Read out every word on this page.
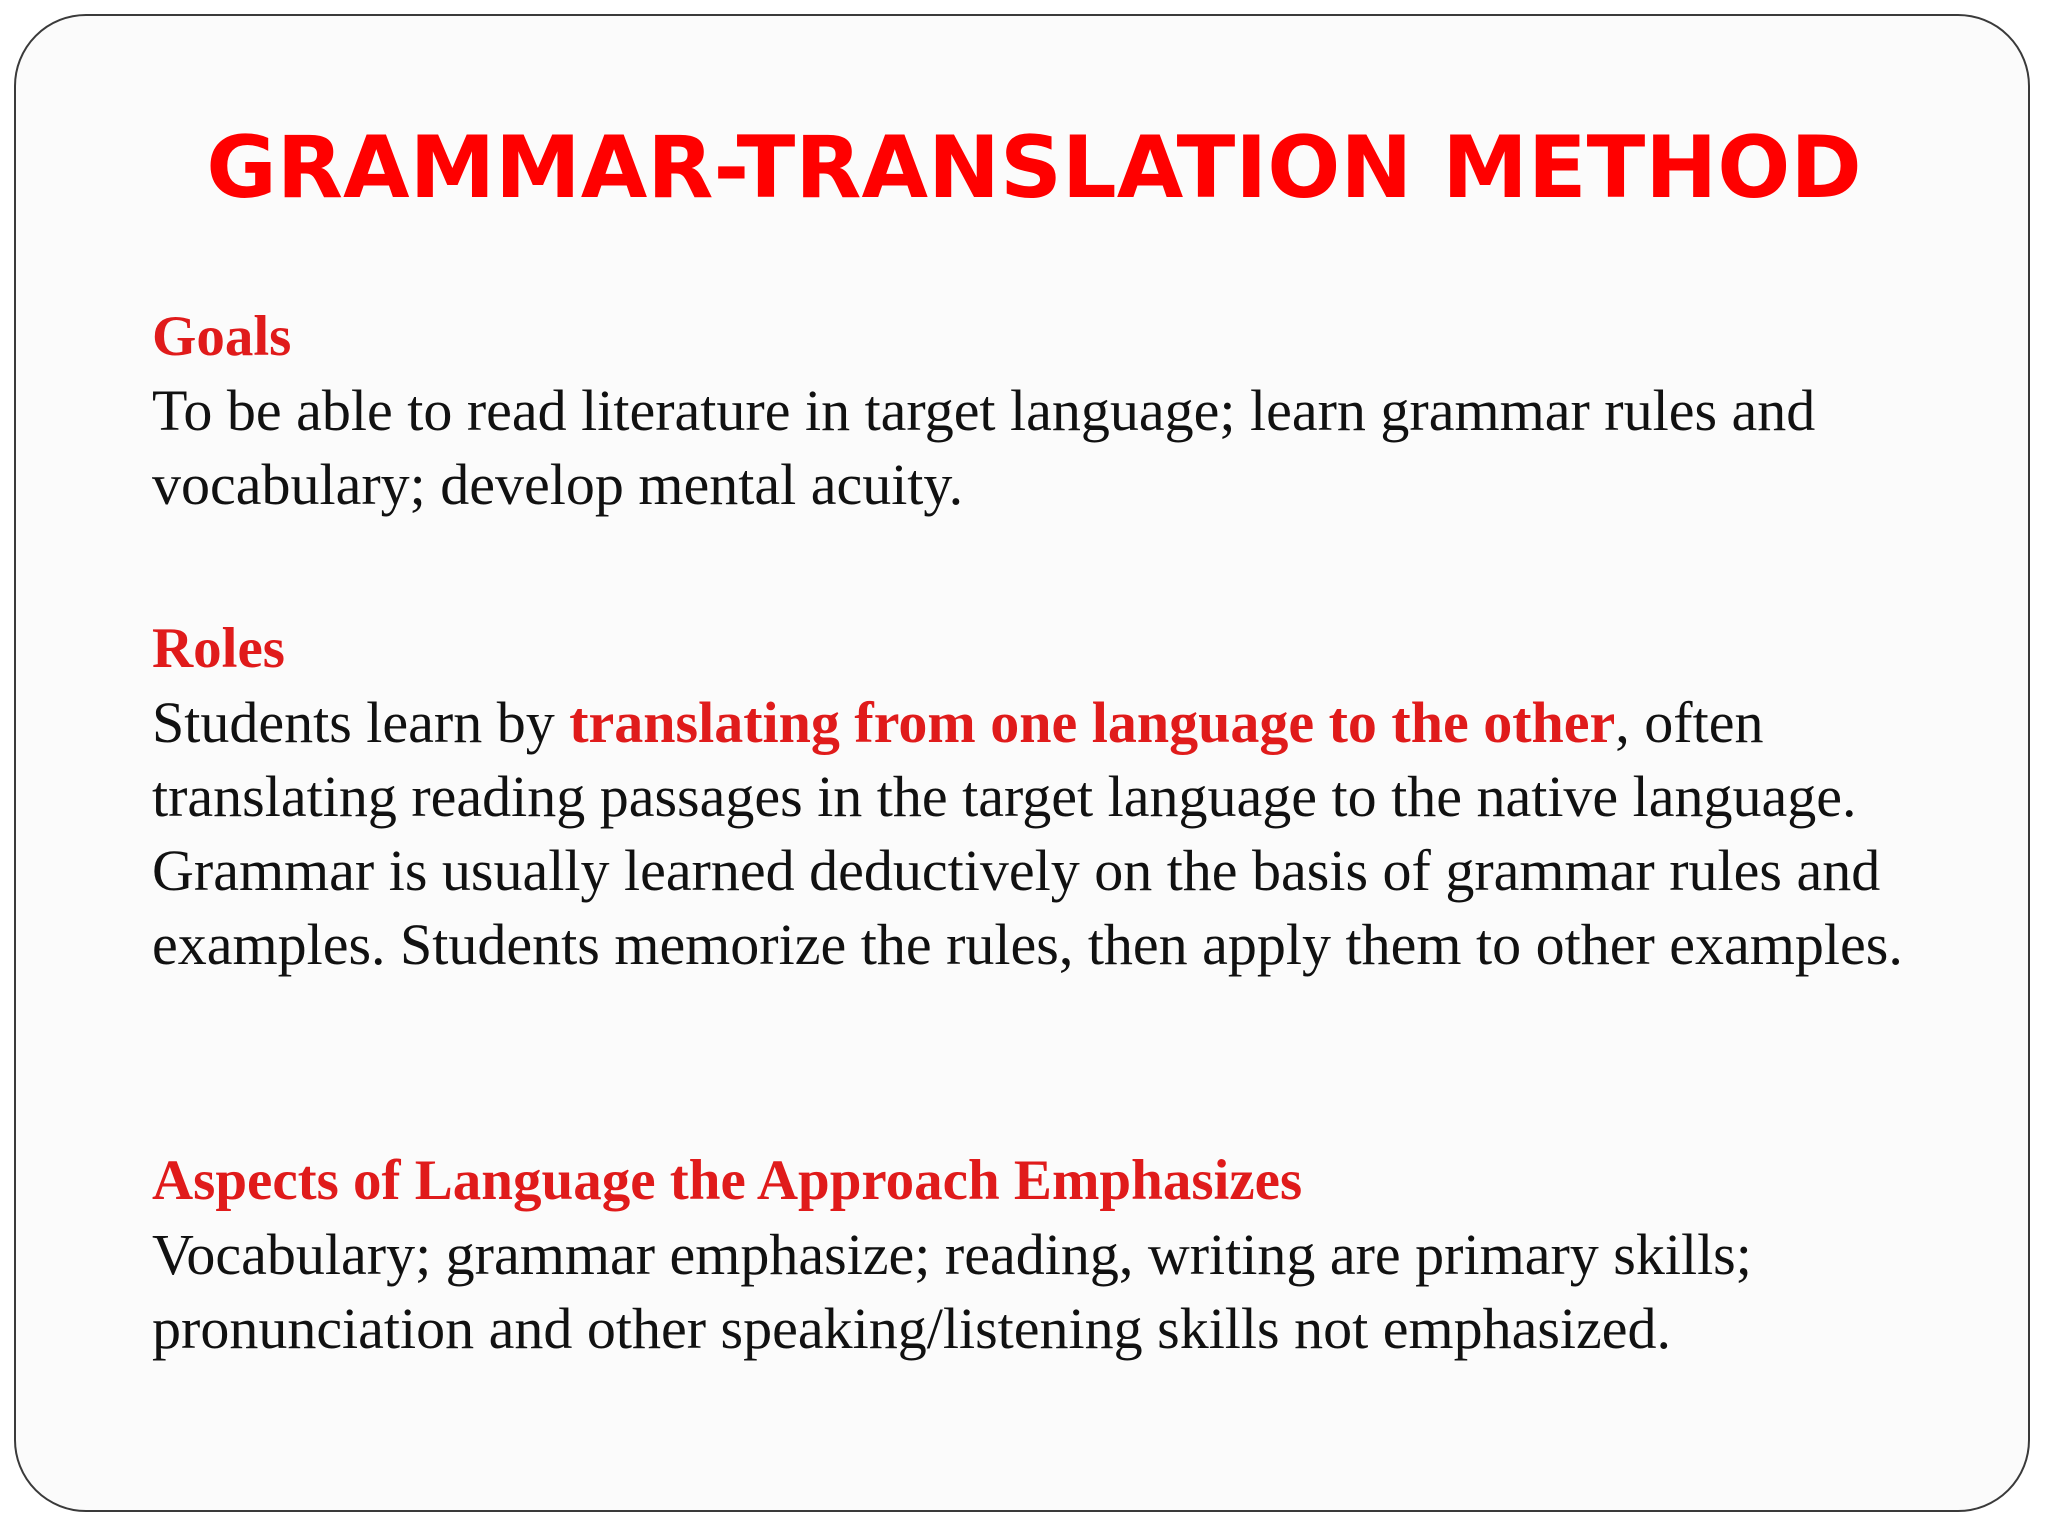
GRAMMAR-TRANSLATION METHOD

Goals

To be able to read literature in target language; learn grammar rules and vocabulary; develop mental acuity.

Roles

Students learn by translating from one language to the other, often translating reading passages in the target language to the native language. Grammar is usually learned deductively on the basis of grammar rules and examples. Students memorize the rules, then apply them to other examples.

Aspects of Language the Approach Emphasizes

Vocabulary; grammar emphasize; reading, writing are primary skills; pronunciation and other speaking/listening skills not emphasized.
